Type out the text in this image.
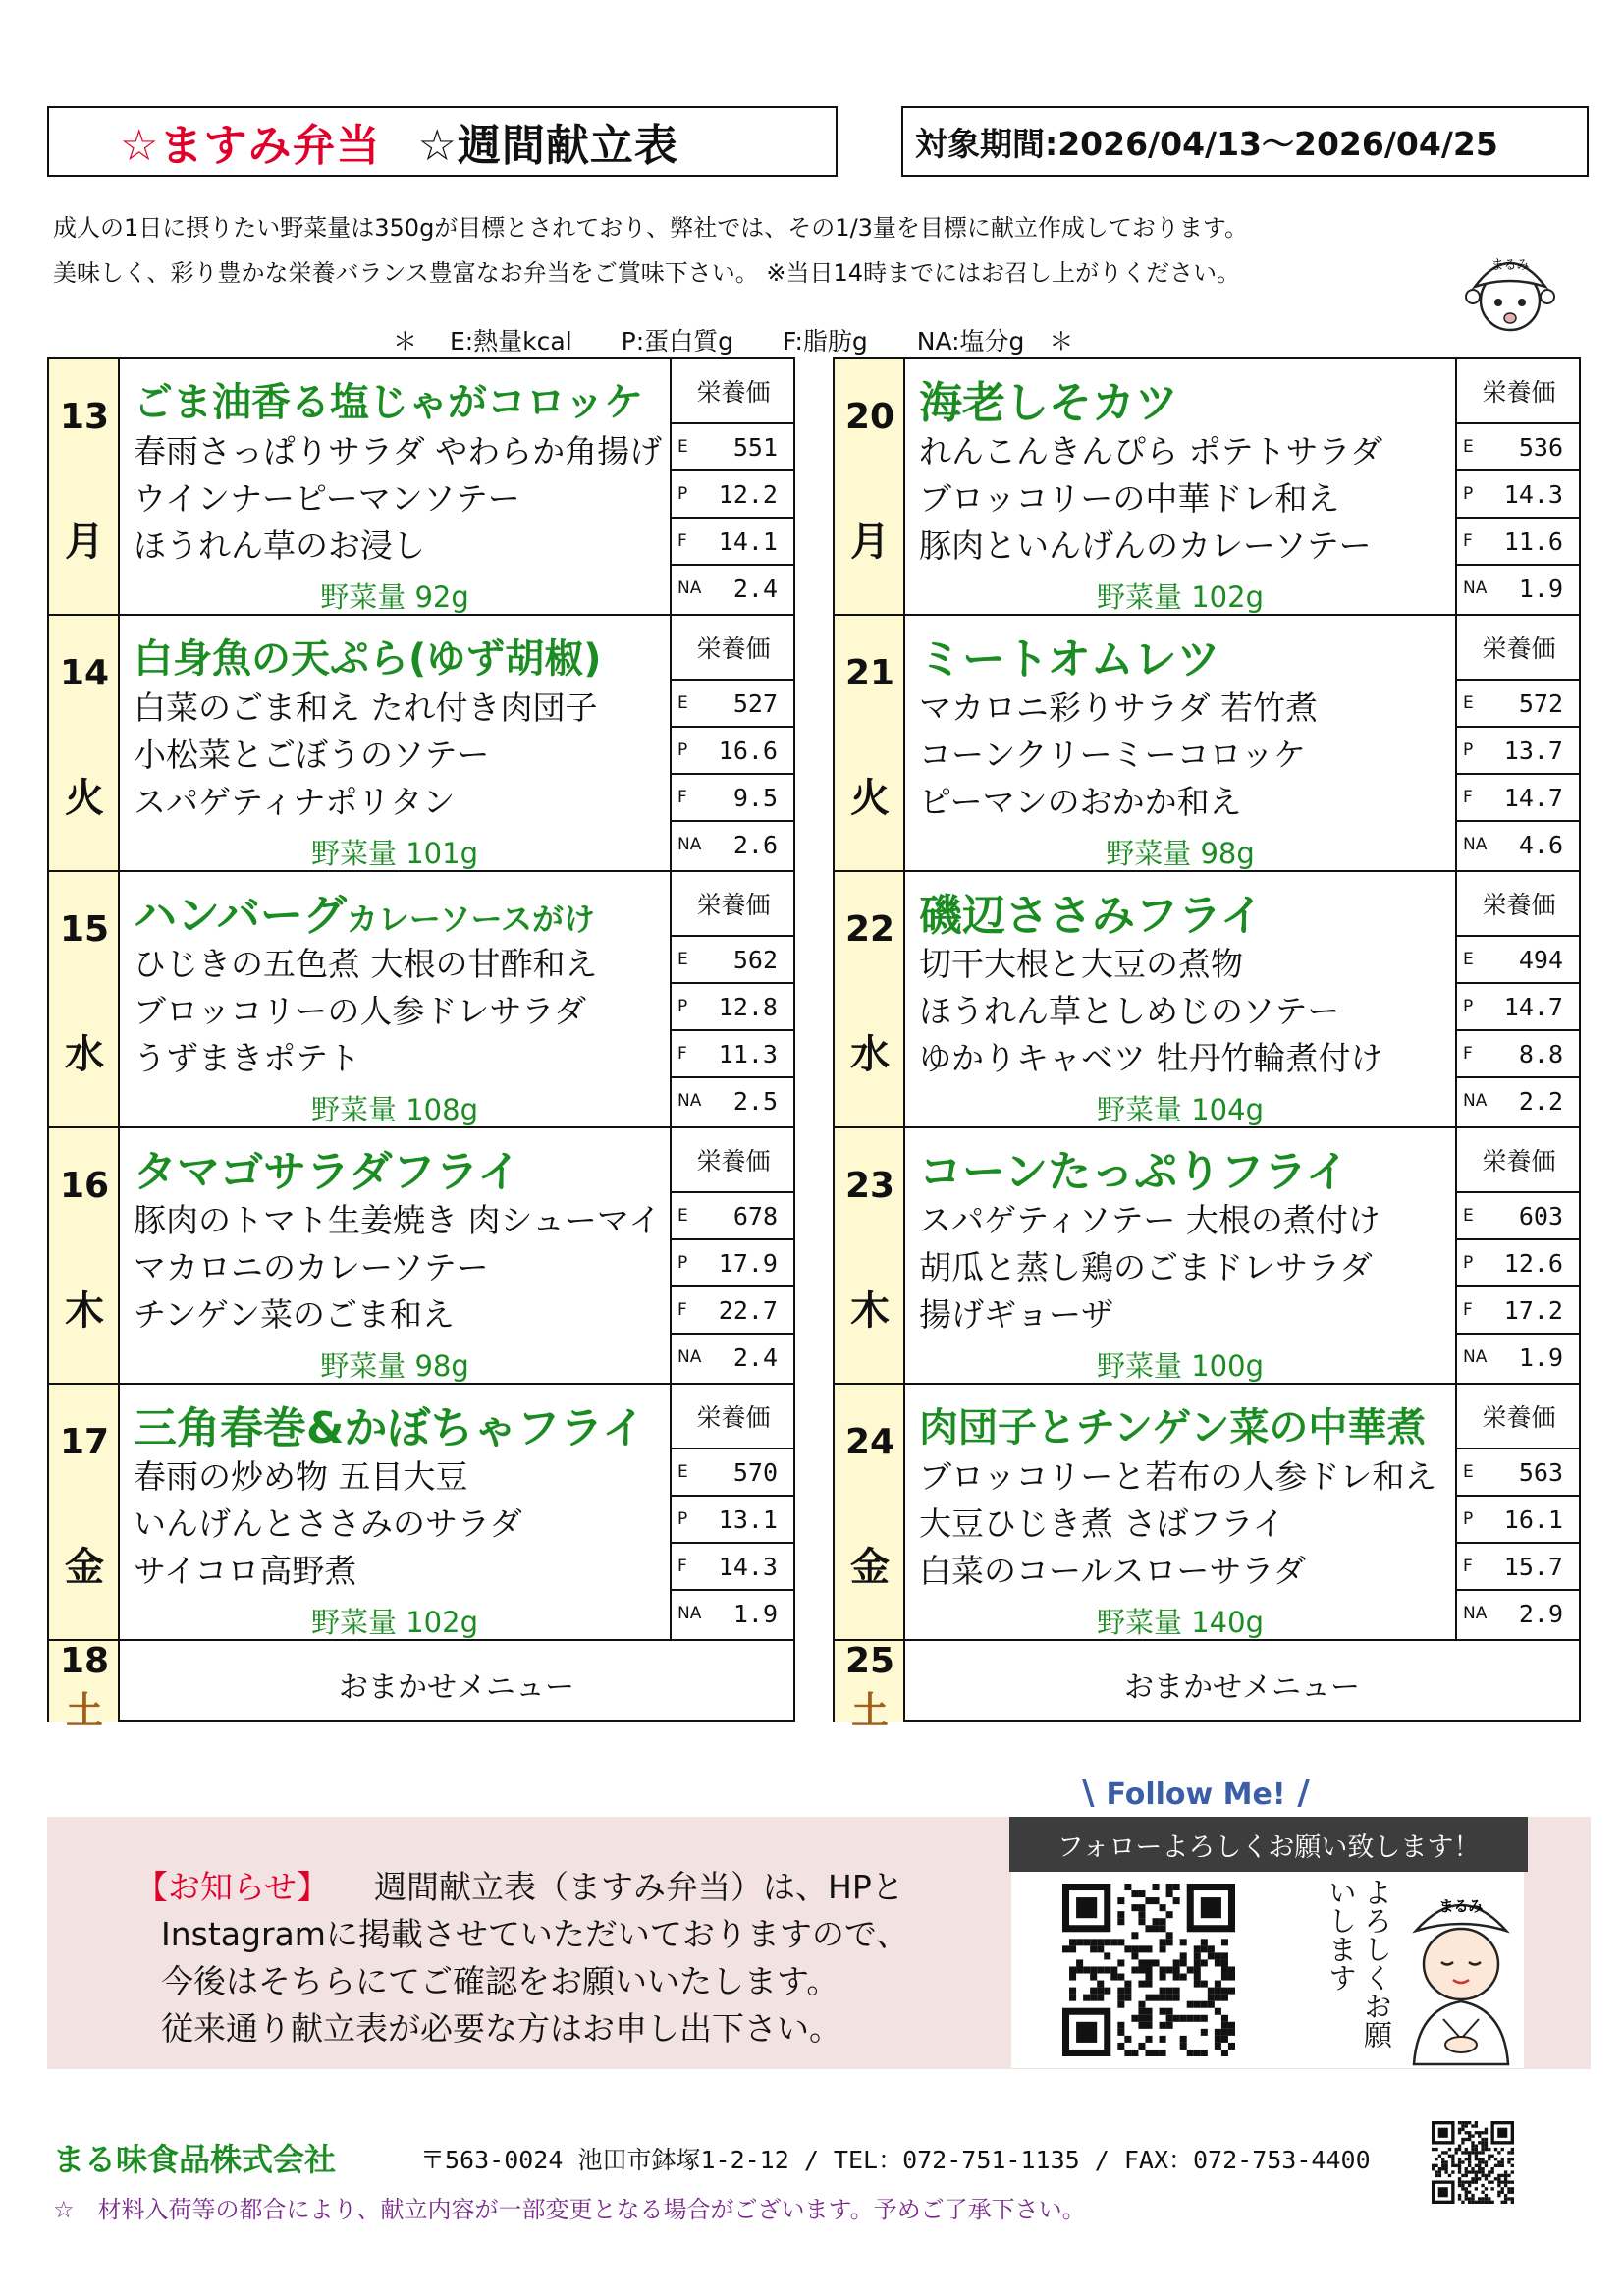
☆ますみ弁当 ☆週間献立表	対象期間: 2026/04/13〜2026/04/25
成人の1日に摂りたい野菜量は350gが目標とされており、弊社では、その1/3量を目標に献立作成しております。
美味しく、彩り豊かな栄養バランス豊富なお弁当をご賞味下さい。 ※当日14時までにはお召し上がりください。
＊　 E:熱量kcal　　P:蛋白質g　　F:脂肪g　　NA:塩分g　＊
まるみ
13
月
ごま油香る塩じゃがコロッケ
春雨さっぱりサラダ やわらか角揚げ
ウインナーピーマンソテー
ほうれん草のお浸し
野菜量 92g
栄養価
E 551
P 12.2
F 14.1
NA 2.4
14
火
白身魚の天ぷら(ゆず胡椒)
白菜のごま和え たれ付き肉団子
小松菜とごぼうのソテー
スパゲティナポリタン
野菜量 101g
栄養価
E 527
P 16.6
F 9.5
NA 2.6
15
水
ハンバーグカレーソースがけ
ひじきの五色煮 大根の甘酢和え
ブロッコリーの人参ドレサラダ
うずまきポテト
野菜量 108g
栄養価
E 562
P 12.8
F 11.3
NA 2.5
16
木
タマゴサラダフライ
豚肉のトマト生姜焼き 肉シューマイ
マカロニのカレーソテー
チンゲン菜のごま和え
野菜量 98g
栄養価
E 678
P 17.9
F 22.7
NA 2.4
17
金
三角春巻&かぼちゃフライ
春雨の炒め物 五目大豆
いんげんとささみのサラダ
サイコロ高野煮
野菜量 102g
栄養価
E 570
P 13.1
F 14.3
NA 1.9
18
土
おまかせメニュー
20
月
海老しそカツ
れんこんきんぴら ポテトサラダ
ブロッコリーの中華ドレ和え
豚肉といんげんのカレーソテー
野菜量 102g
栄養価
E 536
P 14.3
F 11.6
NA 1.9
21
火
ミートオムレツ
マカロニ彩りサラダ 若竹煮
コーンクリーミーコロッケ
ピーマンのおかか和え
野菜量 98g
栄養価
E 572
P 13.7
F 14.7
NA 4.6
22
水
磯辺ささみフライ
切干大根と大豆の煮物
ほうれん草としめじのソテー
ゆかりキャベツ 牡丹竹輪煮付け
野菜量 104g
栄養価
E 494
P 14.7
F 8.8
NA 2.2
23
木
コーンたっぷりフライ
スパゲティソテー 大根の煮付け
胡瓜と蒸し鶏のごまドレサラダ
揚げギョーザ
野菜量 100g
栄養価
E 603
P 12.6
F 17.2
NA 1.9
24
金
肉団子とチンゲン菜の中華煮
ブロッコリーと若布の人参ドレ和え
大豆ひじき煮 さばフライ
白菜のコールスローサラダ
野菜量 140g
栄養価
E 563
P 16.1
F 15.7
NA 2.9
25
土
おまかせメニュー
【お知らせ】 週間献立表（ますみ弁当）は、HPと
Instagramに掲載させていただいておりますので、
今後はそちらにてご確認をお願いいたします。
従来通り献立表が必要な方はお申し出下さい。
\ Follow Me! /
フォローよろしくお願い致します！
よろしくお願いします	まるみ
まる味食品株式会社	〒563-0024 池田市鉢塚1-2-12 / TEL：072-751-1135 / FAX：072-753-4400
☆　材料入荷等の都合により、献立内容が一部変更となる場合がございます。予めご了承下さい。
